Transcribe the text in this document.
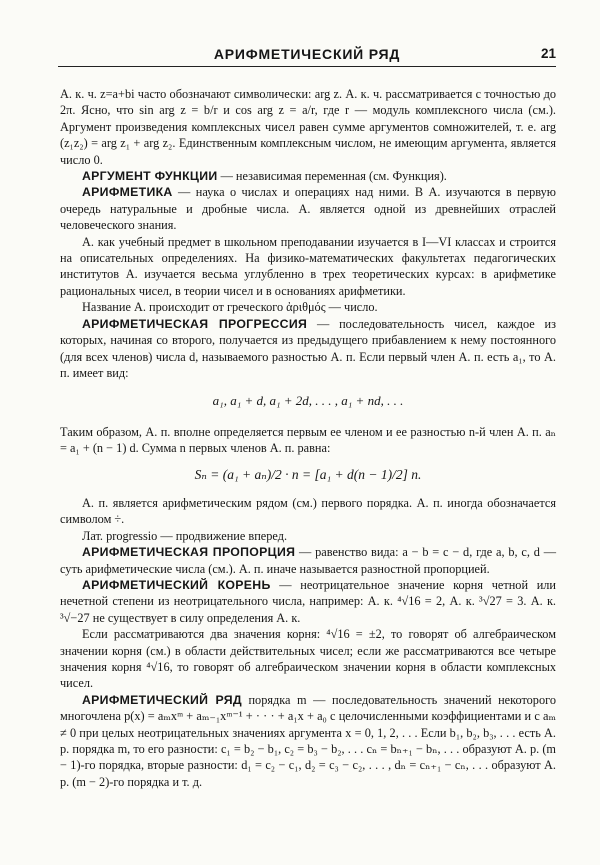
АРИФМЕТИЧЕСКИЙ РЯД	21

А. к. ч. z=a+bi часто обозначают символически: arg z. А. к. ч. рассматривается с точностью до 2π. Ясно, что sin arg z = b/r и cos arg z = a/r, где r — модуль комплексного числа (см.). Аргумент произведения комплексных чисел равен сумме аргументов сомножителей, т. е. arg (z₁z₂) = arg z₁ + arg z₂. Единственным комплексным числом, не имеющим аргумента, является число 0.

АРГУМЕНТ ФУНКЦИИ — независимая переменная (см. Функция).

АРИФМЕТИКА — наука о числах и операциях над ними. В А. изучаются в первую очередь натуральные и дробные числа. А. является одной из древнейших отраслей человеческого знания.

А. как учебный предмет в школьном преподавании изучается в I—VI классах и строится на описательных определениях. На физико-математических факультетах педагогических институтов А. изучается весьма углубленно в трех теоретических курсах: в арифметике рациональных чисел, в теории чисел и в основаниях арифметики.

Название А. происходит от греческого ἀριθμός — число.

АРИФМЕТИЧЕСКАЯ ПРОГРЕССИЯ — последовательность чисел, каждое из которых, начиная со второго, получается из предыдущего прибавлением к нему постоянного (для всех членов) числа d, называемого разностью А. п. Если первый член А. п. есть a₁, то А. п. имеет вид:

a₁, a₁ + d, a₁ + 2d, . . . , a₁ + nd, . . .

Таким образом, А. п. вполне определяется первым ее членом и ее разностью n-й член А. п. aₙ = a₁ + (n − 1) d. Сумма n первых членов А. п. равна:

Sₙ = (a₁ + aₙ)/2 · n = [a₁ + d(n − 1)/2] n.

А. п. является арифметическим рядом (см.) первого порядка. А. п. иногда обозначается символом ÷.

Лат. progressio — продвижение вперед.

АРИФМЕТИЧЕСКАЯ ПРОПОРЦИЯ — равенство вида: a − b = c − d, где a, b, c, d — суть арифметические числа (см.). А. п. иначе называется разностной пропорцией.

АРИФМЕТИЧЕСКИЙ КОРЕНЬ — неотрицательное значение корня четной или нечетной степени из неотрицательного числа, например: А. к. ⁴√16 = 2, А. к. ³√27 = 3. А. к. ³√−27 не существует в силу определения А. к.

Если рассматриваются два значения корня: ⁴√16 = ±2, то говорят об алгебраическом значении корня (см.) в области действительных чисел; если же рассматриваются все четыре значения корня ⁴√16, то говорят об алгебраическом значении корня в области комплексных чисел.

АРИФМЕТИЧЕСКИЙ РЯД порядка m — последовательность значений некоторого многочлена p(x) = aₘxᵐ + aₘ₋₁xᵐ⁻¹ + · · · + a₁x + a₀ с целочисленными коэффициентами и с aₘ ≠ 0 при целых неотрицательных значениях аргумента x = 0, 1, 2, . . . Если b₁, b₂, b₃, . . . есть А. р. порядка m, то его разности: c₁ = b₂ − b₁, c₂ = b₃ − b₂, . . . cₙ = bₙ₊₁ − bₙ, . . . образуют А. р. (m − 1)-го порядка, вторые разности: d₁ = c₂ − c₁, d₂ = c₃ − c₂, . . . , dₙ = cₙ₊₁ − cₙ, . . . образуют А. р. (m − 2)-го порядка и т. д.
